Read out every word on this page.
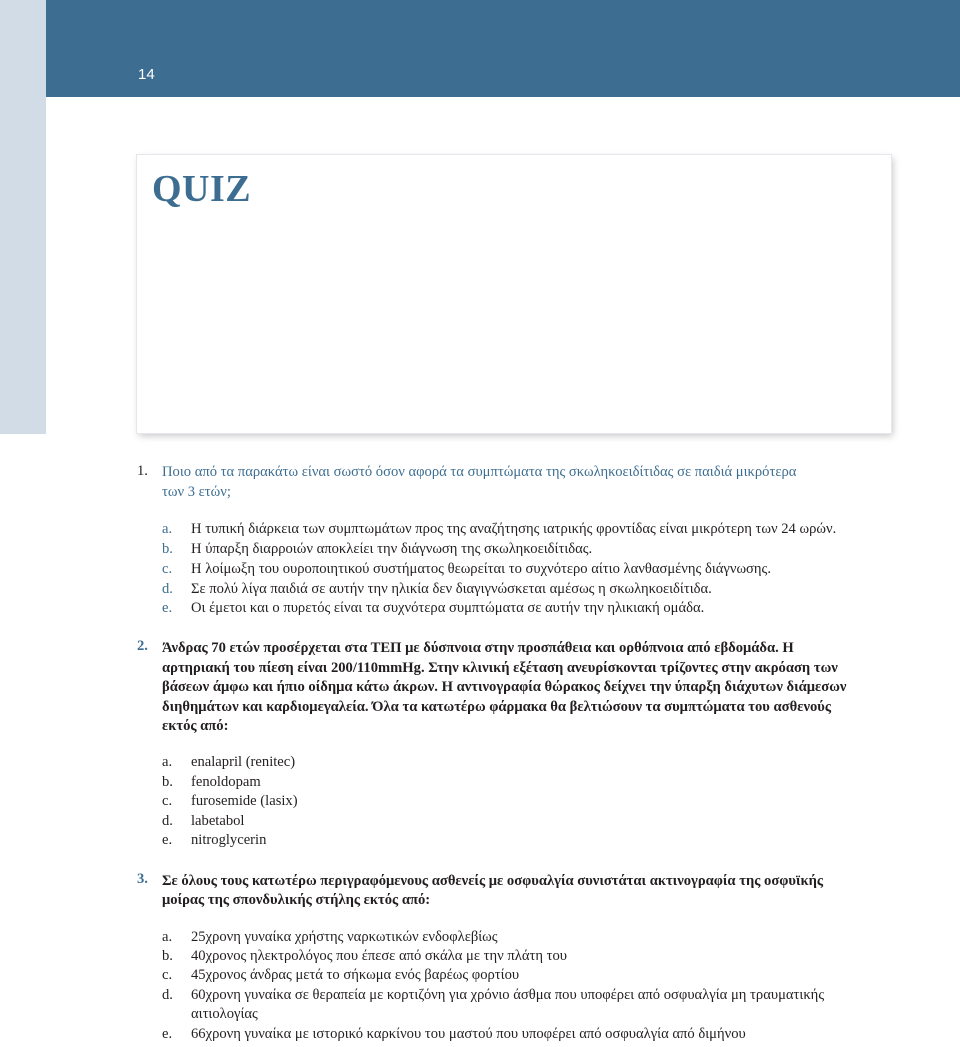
14
QUIZ
1. Ποιο από τα παρακάτω είναι σωστό όσον αφορά τα συμπτώματα της σκωληκοειδίτιδας σε παιδιά μικρότερα
των 3 ετών;
a. Η τυπική διάρκεια των συμπτωμάτων προς της αναζήτησης ιατρικής φροντίδας είναι μικρότερη των 24 ωρών.
b. Η ύπαρξη διαρροιών αποκλείει την διάγνωση της σκωληκοειδίτιδας.
c. Η λοίμωξη του ουροποιητικού συστήματος θεωρείται το συχνότερο αίτιο λανθασμένης διάγνωσης.
d. Σε πολύ λίγα παιδιά σε αυτήν την ηλικία δεν διαγιγνώσκεται αμέσως η σκωληκοειδίτιδα.
e. Οι έμετοι και ο πυρετός είναι τα συχνότερα συμπτώματα σε αυτήν την ηλικιακή ομάδα.
2. Άνδρας 70 ετών προσέρχεται στα ΤΕΠ με δύσπνοια στην προσπάθεια και ορθόπνοια από εβδομάδα. Η
αρτηριακή του πίεση είναι 200/110mmHg. Στην κλινική εξέταση ανευρίσκονται τρίζοντες στην ακρόαση των
βάσεων άμφω και ήπιο οίδημα κάτω άκρων. Η αντινογραφία θώρακος δείχνει την ύπαρξη διάχυτων διάμεσων
διηθημάτων και καρδιομεγαλεία. Όλα τα κατωτέρω φάρμακα θα βελτιώσουν τα συμπτώματα του ασθενούς
εκτός από:
a. enalapril (renitec)
b. fenoldopam
c. furosemide (lasix)
d. labetabol
e. nitroglycerin
3. Σε όλους τους κατωτέρω περιγραφόμενους ασθενείς με οσφυαλγία συνιστάται ακτινογραφία της οσφυϊκής
μοίρας της σπονδυλικής στήλης εκτός από:
a. 25χρονη γυναίκα χρήστης ναρκωτικών ενδοφλεβίως
b. 40χρονος ηλεκτρολόγος που έπεσε από σκάλα με την πλάτη του
c. 45χρονος άνδρας μετά το σήκωμα ενός βαρέως φορτίου
d. 60χρονη γυναίκα σε θεραπεία με κορτιζόνη για χρόνιο άσθμα που υποφέρει από οσφυαλγία μη τραυματικής
αιτιολογίας
e. 66χρονη γυναίκα με ιστορικό καρκίνου του μαστού που υποφέρει από οσφυαλγία από διμήνου
